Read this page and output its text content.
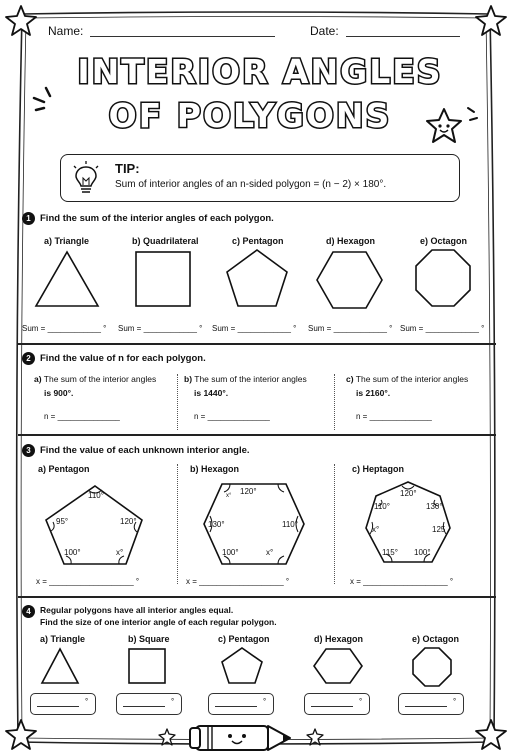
Name:	Date:
INTERIOR ANGLES
OF POLYGONS
TIP:
Sum of interior angles of an n-sided polygon = (n − 2) × 180°.
1 Find the sum of the interior angles of each polygon.
a) Triangle	b) Quadrilateral	c) Pentagon	d) Hexagon	e) Octagon
Sum = ____________ ° Sum = ____________ ° Sum = ____________ ° Sum = ____________ ° Sum = ____________ °
2 Find the value of n for each polygon.
a) The sum of the interior angles
is 900°.
n = ______________
b) The sum of the interior angles
is 1440°.
n = ______________
c) The sum of the interior angles
is 2160°.
n = ______________
3 Find the value of each unknown interior angle.
a) Pentagon	b) Hexagon	c) Heptagon
110°
95°	120°
100°	x°
120°
x°
130°	110°
100°	x°
120°
110°	130°
x°	125
115° 100°
x = ___________________ °	x = ___________________ °	x = ___________________ °
4	Regular polygons have all interior angles equal.
Find the size of one interior angle of each regular polygon.
a) Triangle	b) Square	c) Pentagon	d) Hexagon	e) Octagon
°	°	°	°	°
